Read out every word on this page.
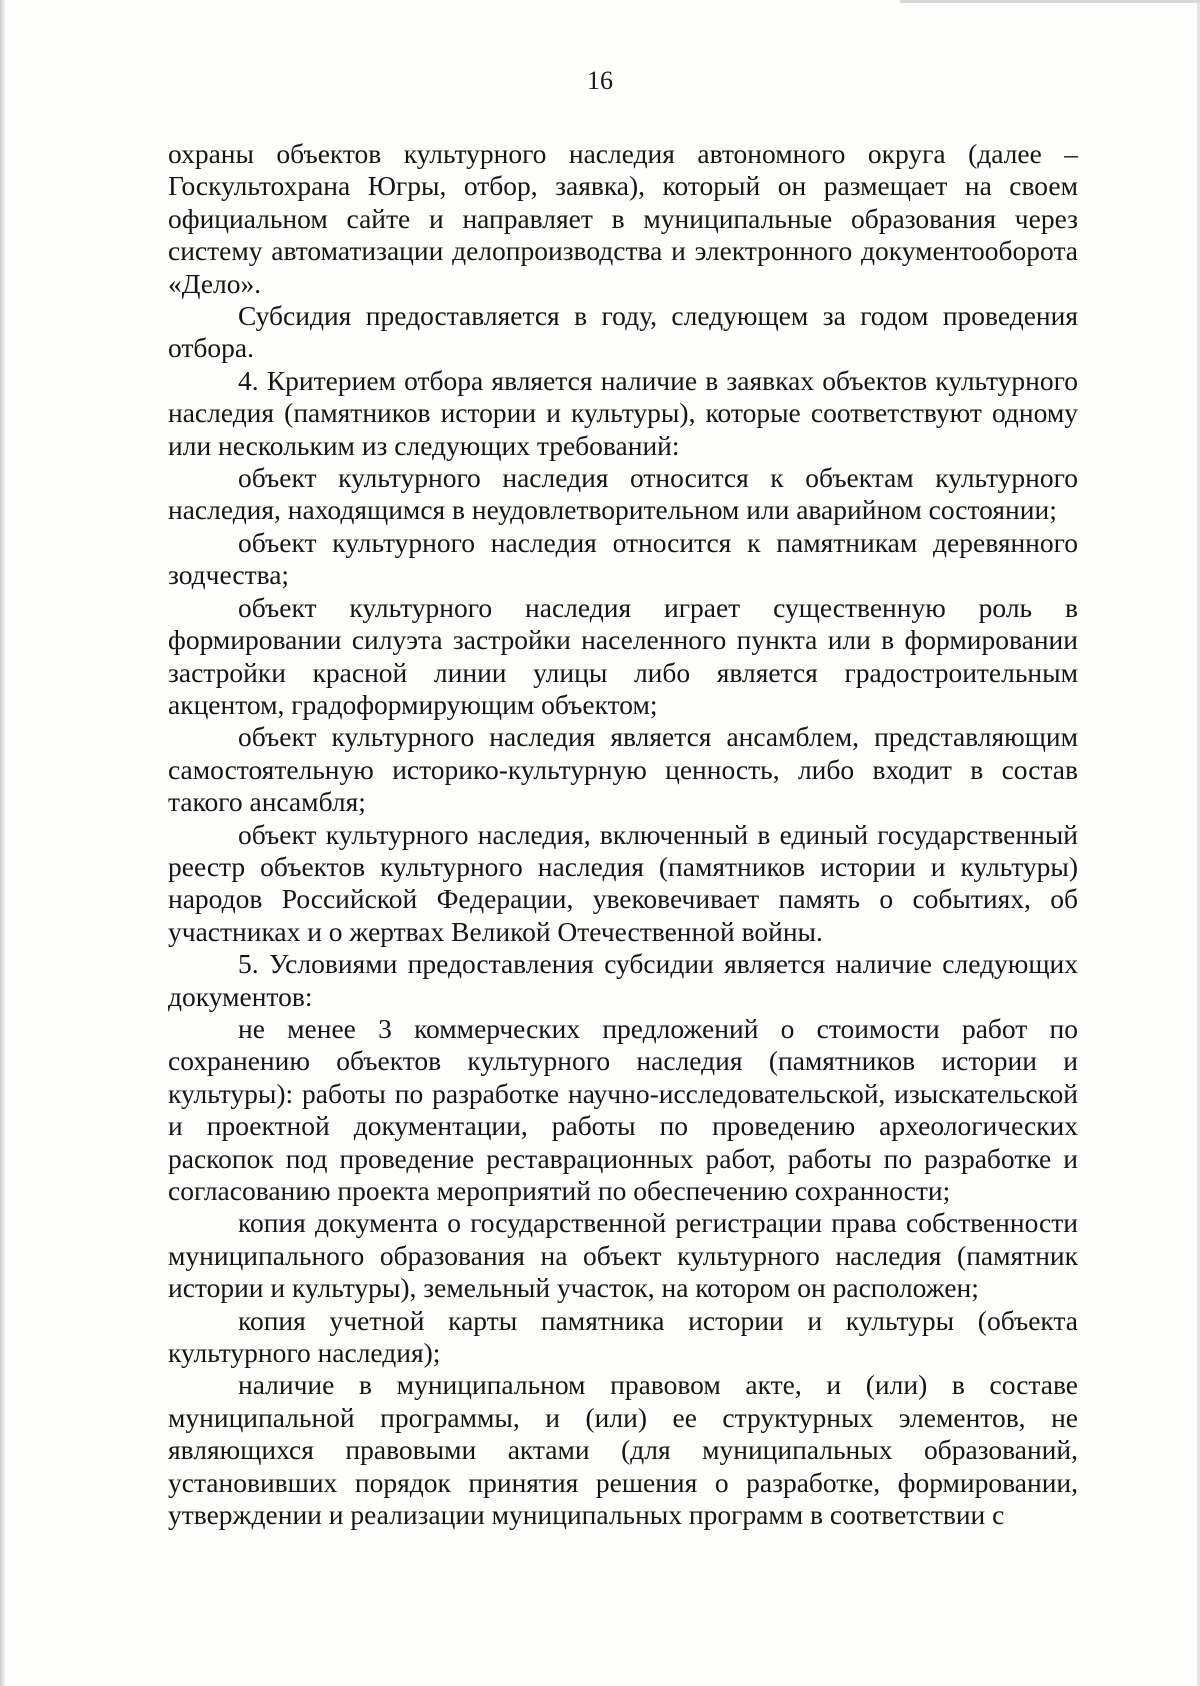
16

охраны объектов культурного наследия автономного округа (далее – Госкультохрана Югры, отбор, заявка), который он размещает на своем официальном сайте и направляет в муниципальные образования через систему автоматизации делопроизводства и электронного документооборота «Дело».

Субсидия предоставляется в году, следующем за годом проведения отбора.

4. Критерием отбора является наличие в заявках объектов культурного наследия (памятников истории и культуры), которые соответствуют одному или нескольким из следующих требований:

объект культурного наследия относится к объектам культурного наследия, находящимся в неудовлетворительном или аварийном состоянии;

объект культурного наследия относится к памятникам деревянного зодчества;

объект культурного наследия играет существенную роль в формировании силуэта застройки населенного пункта или в формировании застройки красной линии улицы либо является градостроительным акцентом, градоформирующим объектом;

объект культурного наследия является ансамблем, представляющим самостоятельную историко-культурную ценность, либо входит в состав такого ансамбля;

объект культурного наследия, включенный в единый государственный реестр объектов культурного наследия (памятников истории и культуры) народов Российской Федерации, увековечивает память о событиях, об участниках и о жертвах Великой Отечественной войны.

5. Условиями предоставления субсидии является наличие следующих документов:

не менее 3 коммерческих предложений о стоимости работ по сохранению объектов культурного наследия (памятников истории и культуры): работы по разработке научно-исследовательской, изыскательской и проектной документации, работы по проведению археологических раскопок под проведение реставрационных работ, работы по разработке и согласованию проекта мероприятий по обеспечению сохранности;

копия документа о государственной регистрации права собственности муниципального образования на объект культурного наследия (памятник истории и культуры), земельный участок, на котором он расположен;

копия учетной карты памятника истории и культуры (объекта культурного наследия);

наличие в муниципальном правовом акте, и (или) в составе муниципальной программы, и (или) ее структурных элементов, не являющихся правовыми актами (для муниципальных образований, установивших порядок принятия решения о разработке, формировании, утверждении и реализации муниципальных программ в соответствии с
